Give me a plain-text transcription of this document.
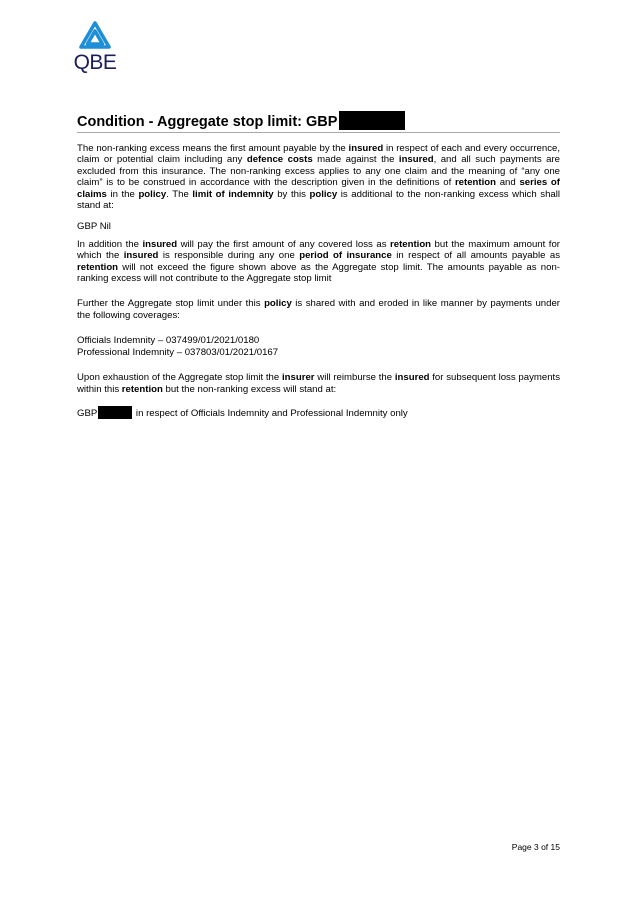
QBE
Condition - Aggregate stop limit: GBP

The non-ranking excess means the first amount payable by the insured in respect of each and every occurrence, claim or potential claim including any defence costs made against the insured, and all such payments are excluded from this insurance. The non-ranking excess applies to any one claim and the meaning of “any one claim” is to be construed in accordance with the description given in the definitions of retention and series of claims in the policy. The limit of indemnity by this policy is additional to the non-ranking excess which shall stand at:

GBP Nil

In addition the insured will pay the first amount of any covered loss as retention but the maximum amount for which the insured is responsible during any one period of insurance in respect of all amounts payable as retention will not exceed the figure shown above as the Aggregate stop limit. The amounts payable as non-ranking excess will not contribute to the Aggregate stop limit

Further the Aggregate stop limit under this policy is shared with and eroded in like manner by payments under the following coverages:

Officials Indemnity – 037499/01/2021/0180

Professional Indemnity – 037803/01/2021/0167

Upon exhaustion of the Aggregate stop limit the insurer will reimburse the insured for subsequent loss payments within this retention but the non-ranking excess will stand at:

GBP	in respect of Officials Indemnity and Professional Indemnity only

Page 3 of 15
